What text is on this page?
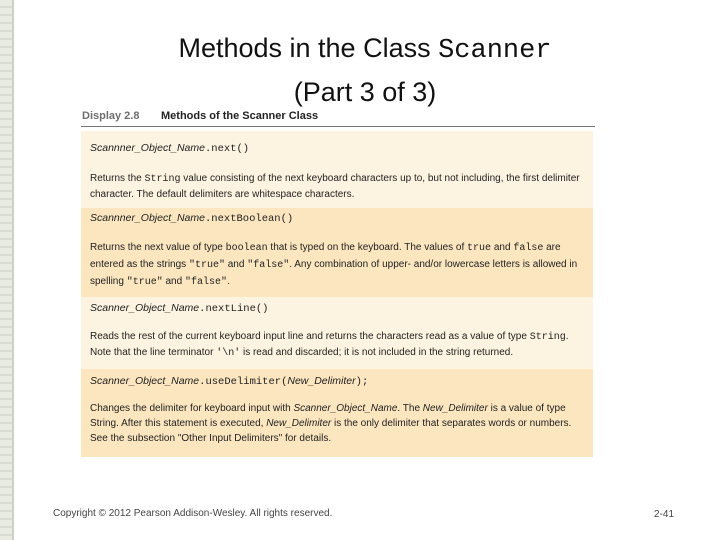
Methods in the Class Scanner
(Part 3 of 3)
Display 2.8 Methods of the Scanner Class
Scannner_Object_Name.next()
Returns the String value consisting of the next keyboard characters up to, but not including, the first delimiter character. The default delimiters are whitespace characters.
Scannner_Object_Name.nextBoolean()
Returns the next value of type boolean that is typed on the keyboard. The values of true and false are entered as the strings "true" and "false". Any combination of upper- and/or lowercase letters is allowed in spelling "true" and "false".
Scanner_Object_Name.nextLine()
Reads the rest of the current keyboard input line and returns the characters read as a value of type String. Note that the line terminator '\n' is read and discarded; it is not included in the string returned.
Scanner_Object_Name.useDelimiter(New_Delimiter);
Changes the delimiter for keyboard input with Scanner_Object_Name. The New_Delimiter is a value of type String. After this statement is executed, New_Delimiter is the only delimiter that separates words or numbers. See the subsection "Other Input Delimiters" for details.
Copyright © 2012 Pearson Addison-Wesley. All rights reserved.	2-41
